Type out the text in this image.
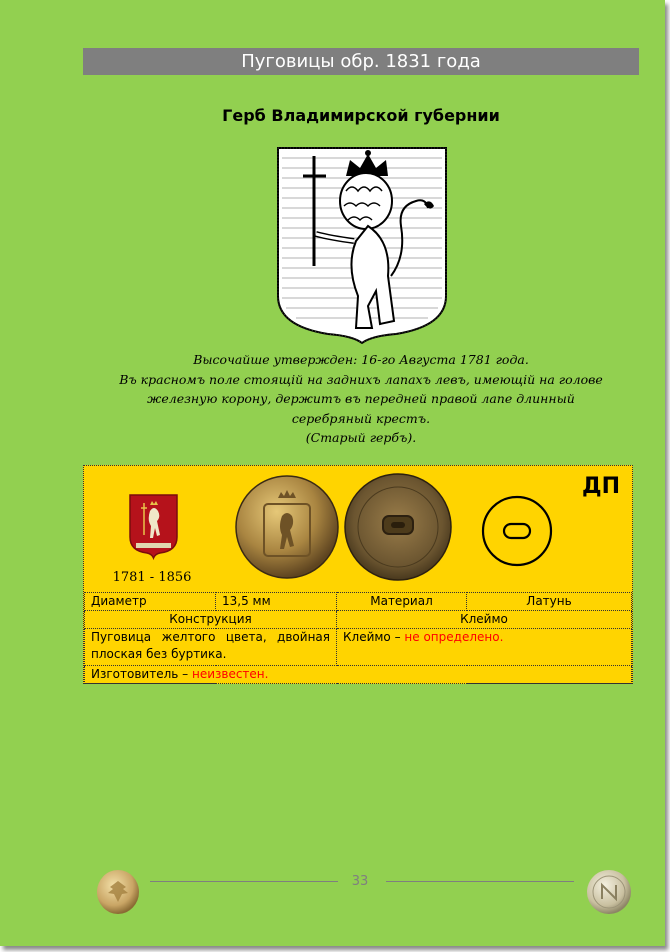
Пуговицы обр. 1831 года
Герб Владимирской губернии
Высочайше утвержден: 16-го Августа 1781 года.
Въ красномъ поле стоящій на заднихъ лапахъ левъ, имеющій на голове
железную корону, держитъ въ передней правой лапе длинный
серебряный крестъ.
(Старый гербъ).
ДП
1781 - 1856
Диаметр	13,5 мм	Материал	Латунь
Конструкция		Клеймо	
Пуговица желтого цвета, двойная плоская без буртика.		Клеймо – не определено.	
Изготовитель – неизвестен.			
33
